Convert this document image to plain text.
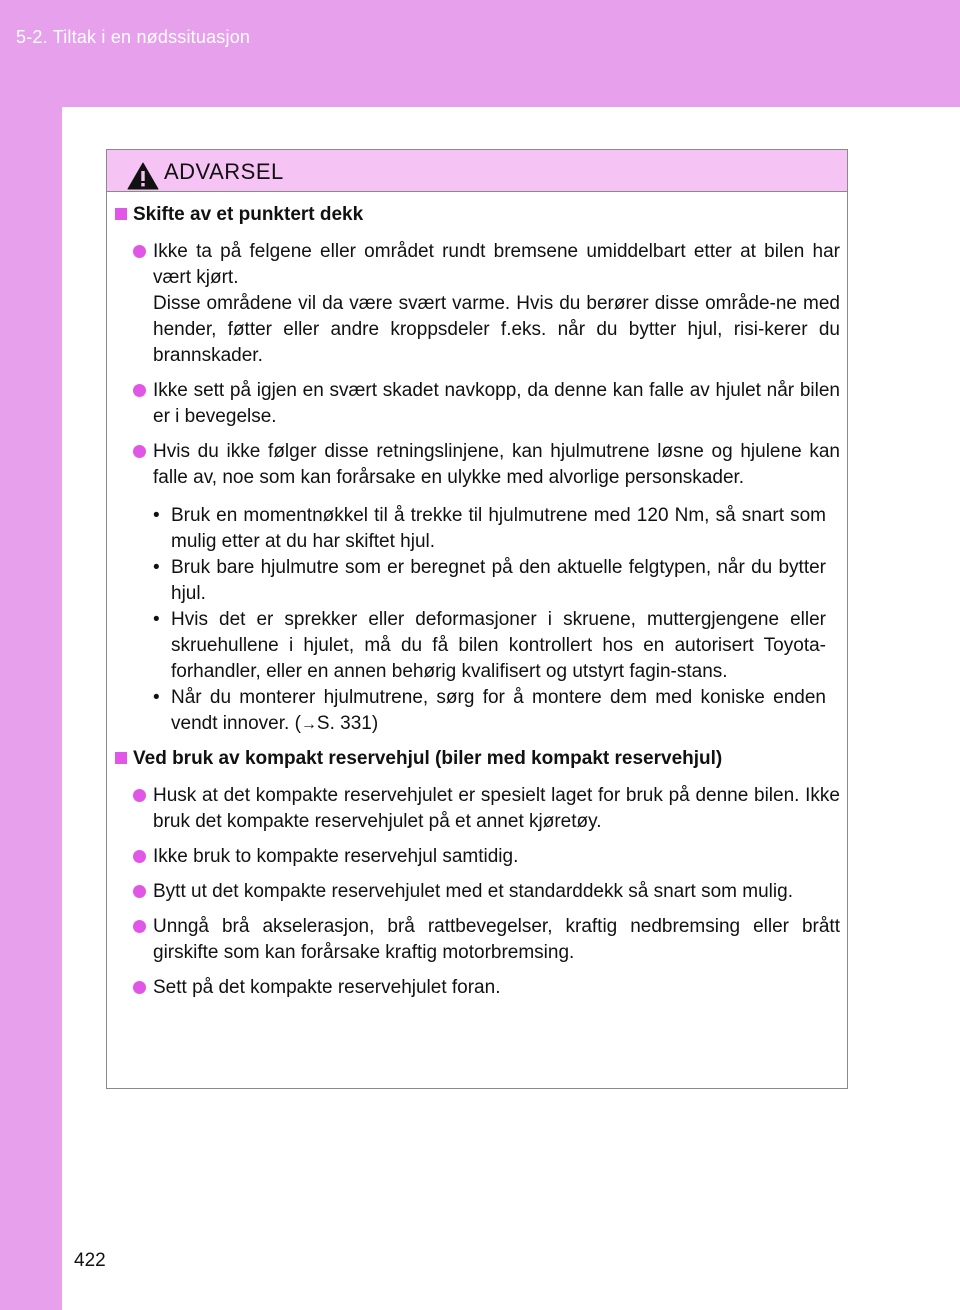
5-2. Tiltak i en nødssituasjon
ADVARSEL
Skifte av et punktert dekk

Ikke ta på felgene eller området rundt bremsene umiddelbart etter at bilen har vært kjørt.

Disse områdene vil da være svært varme. Hvis du berører disse område-ne med hender, føtter eller andre kroppsdeler f.eks. når du bytter hjul, risi-kerer du brannskader.

Ikke sett på igjen en svært skadet navkopp, da denne kan falle av hjulet når bilen er i bevegelse.

Hvis du ikke følger disse retningslinjene, kan hjulmutrene løsne og hjulene kan falle av, noe som kan forårsake en ulykke med alvorlige personskader.

• Bruk en momentnøkkel til å trekke til hjulmutrene med 120 Nm, så snart som mulig etter at du har skiftet hjul.
• Bruk bare hjulmutre som er beregnet på den aktuelle felgtypen, når du bytter hjul.
• Hvis det er sprekker eller deformasjoner i skruene, muttergjengene eller skruehullene i hjulet, må du få bilen kontrollert hos en autorisert Toyota-forhandler, eller en annen behørig kvalifisert og utstyrt fagin-stans.
• Når du monterer hjulmutrene, sørg for å montere dem med koniske enden vendt innover. (→S. 331)
Ved bruk av kompakt reservehjul (biler med kompakt reservehjul)

Husk at det kompakte reservehjulet er spesielt laget for bruk på denne bilen. Ikke bruk det kompakte reservehjulet på et annet kjøretøy.

Ikke bruk to kompakte reservehjul samtidig.

Bytt ut det kompakte reservehjulet med et standarddekk så snart som mulig.

Unngå brå akselerasjon, brå rattbevegelser, kraftig nedbremsing eller brått girskifte som kan forårsake kraftig motorbremsing.

Sett på det kompakte reservehjulet foran.

422
